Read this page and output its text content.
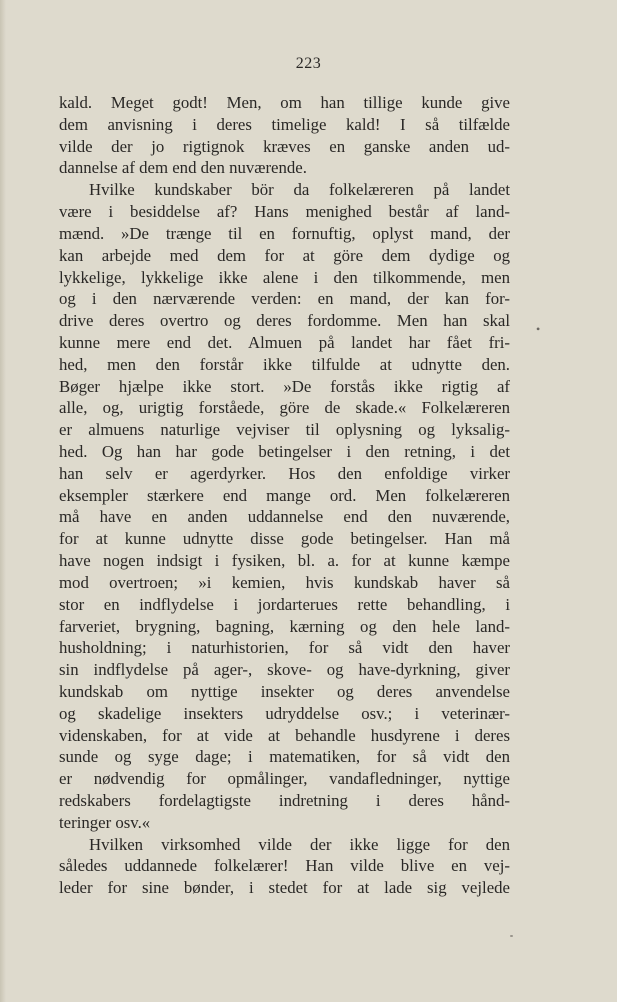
223
kald. Meget godt! Men, om han tillige kunde give
dem anvisning i deres timelige kald! I så tilfælde
vilde der jo rigtignok kræves en ganske anden ud-
dannelse af dem end den nuværende.
Hvilke kundskaber bör da folkelæreren på landet
være i besiddelse af? Hans menighed består af land-
mænd. »De trænge til en fornuftig, oplyst mand, der
kan arbejde med dem for at göre dem dydige og
lykkelige, lykkelige ikke alene i den tilkommende, men
og i den nærværende verden: en mand, der kan for-
drive deres overtro og deres fordomme. Men han skal
kunne mere end det. Almuen på landet har fået fri-
hed, men den forstår ikke tilfulde at udnytte den.
Bøger hjælpe ikke stort. »De forstås ikke rigtig af
alle, og, urigtig forståede, göre de skade.« Folkelæreren
er almuens naturlige vejviser til oplysning og lyksalig-
hed. Og han har gode betingelser i den retning, i det
han selv er agerdyrker. Hos den enfoldige virker
eksempler stærkere end mange ord. Men folkelæreren
må have en anden uddannelse end den nuværende,
for at kunne udnytte disse gode betingelser. Han må
have nogen indsigt i fysiken, bl. a. for at kunne kæmpe
mod overtroen; »i kemien, hvis kundskab haver så
stor en indflydelse i jordarterues rette behandling, i
farveriet, brygning, bagning, kærning og den hele land-
husholdning; i naturhistorien, for så vidt den haver
sin indflydelse på ager-, skove- og have-dyrkning, giver
kundskab om nyttige insekter og deres anvendelse
og skadelige insekters udryddelse osv.; i veterinær-
videnskaben, for at vide at behandle husdyrene i deres
sunde og syge dage; i matematiken, for så vidt den
er nødvendig for opmålinger, vandafledninger, nyttige
redskabers fordelagtigste indretning i deres hånd-
teringer osv.«
Hvilken virksomhed vilde der ikke ligge for den
således uddannede folkelærer! Han vilde blive en vej-
leder for sine bønder, i stedet for at lade sig vejlede
•
